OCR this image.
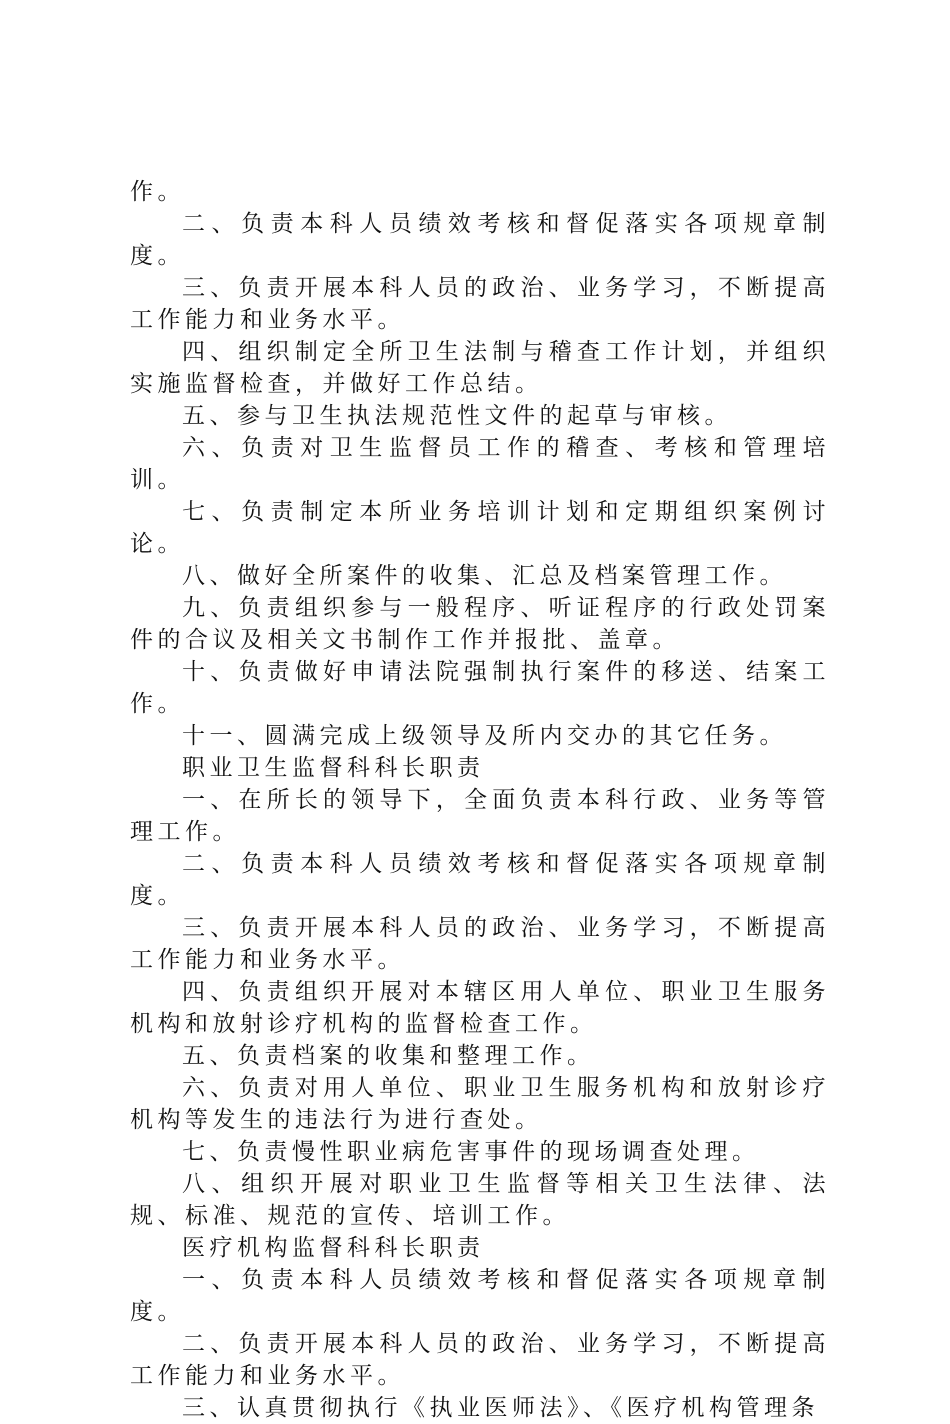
作。

二、负责本科人员绩效考核和督促落实各项规章制度。

三、负责开展本科人员的政治、业务学习，不断提高工作能力和业务水平。

四、组织制定全所卫生法制与稽查工作计划，并组织实施监督检查，并做好工作总结。

五、参与卫生执法规范性文件的起草与审核。

六、负责对卫生监督员工作的稽查、考核和管理培训。

七、负责制定本所业务培训计划和定期组织案例讨论。

八、做好全所案件的收集、汇总及档案管理工作。

九、负责组织参与一般程序、听证程序的行政处罚案件的合议及相关文书制作工作并报批、盖章。

十、负责做好申请法院强制执行案件的移送、结案工作。

十一、圆满完成上级领导及所内交办的其它任务。

职业卫生监督科科长职责

一、在所长的领导下，全面负责本科行政、业务等管理工作。

二、负责本科人员绩效考核和督促落实各项规章制度。

三、负责开展本科人员的政治、业务学习，不断提高工作能力和业务水平。

四、负责组织开展对本辖区用人单位、职业卫生服务机构和放射诊疗机构的监督检查工作。

五、负责档案的收集和整理工作。

六、负责对用人单位、职业卫生服务机构和放射诊疗机构等发生的违法行为进行查处。

七、负责慢性职业病危害事件的现场调查处理。

八、组织开展对职业卫生监督等相关卫生法律、法规、标准、规范的宣传、培训工作。

医疗机构监督科科长职责

一、负责本科人员绩效考核和督促落实各项规章制度。

二、负责开展本科人员的政治、业务学习，不断提高工作能力和业务水平。

三、认真贯彻执行《执业医师法》、《医疗机构管理条
